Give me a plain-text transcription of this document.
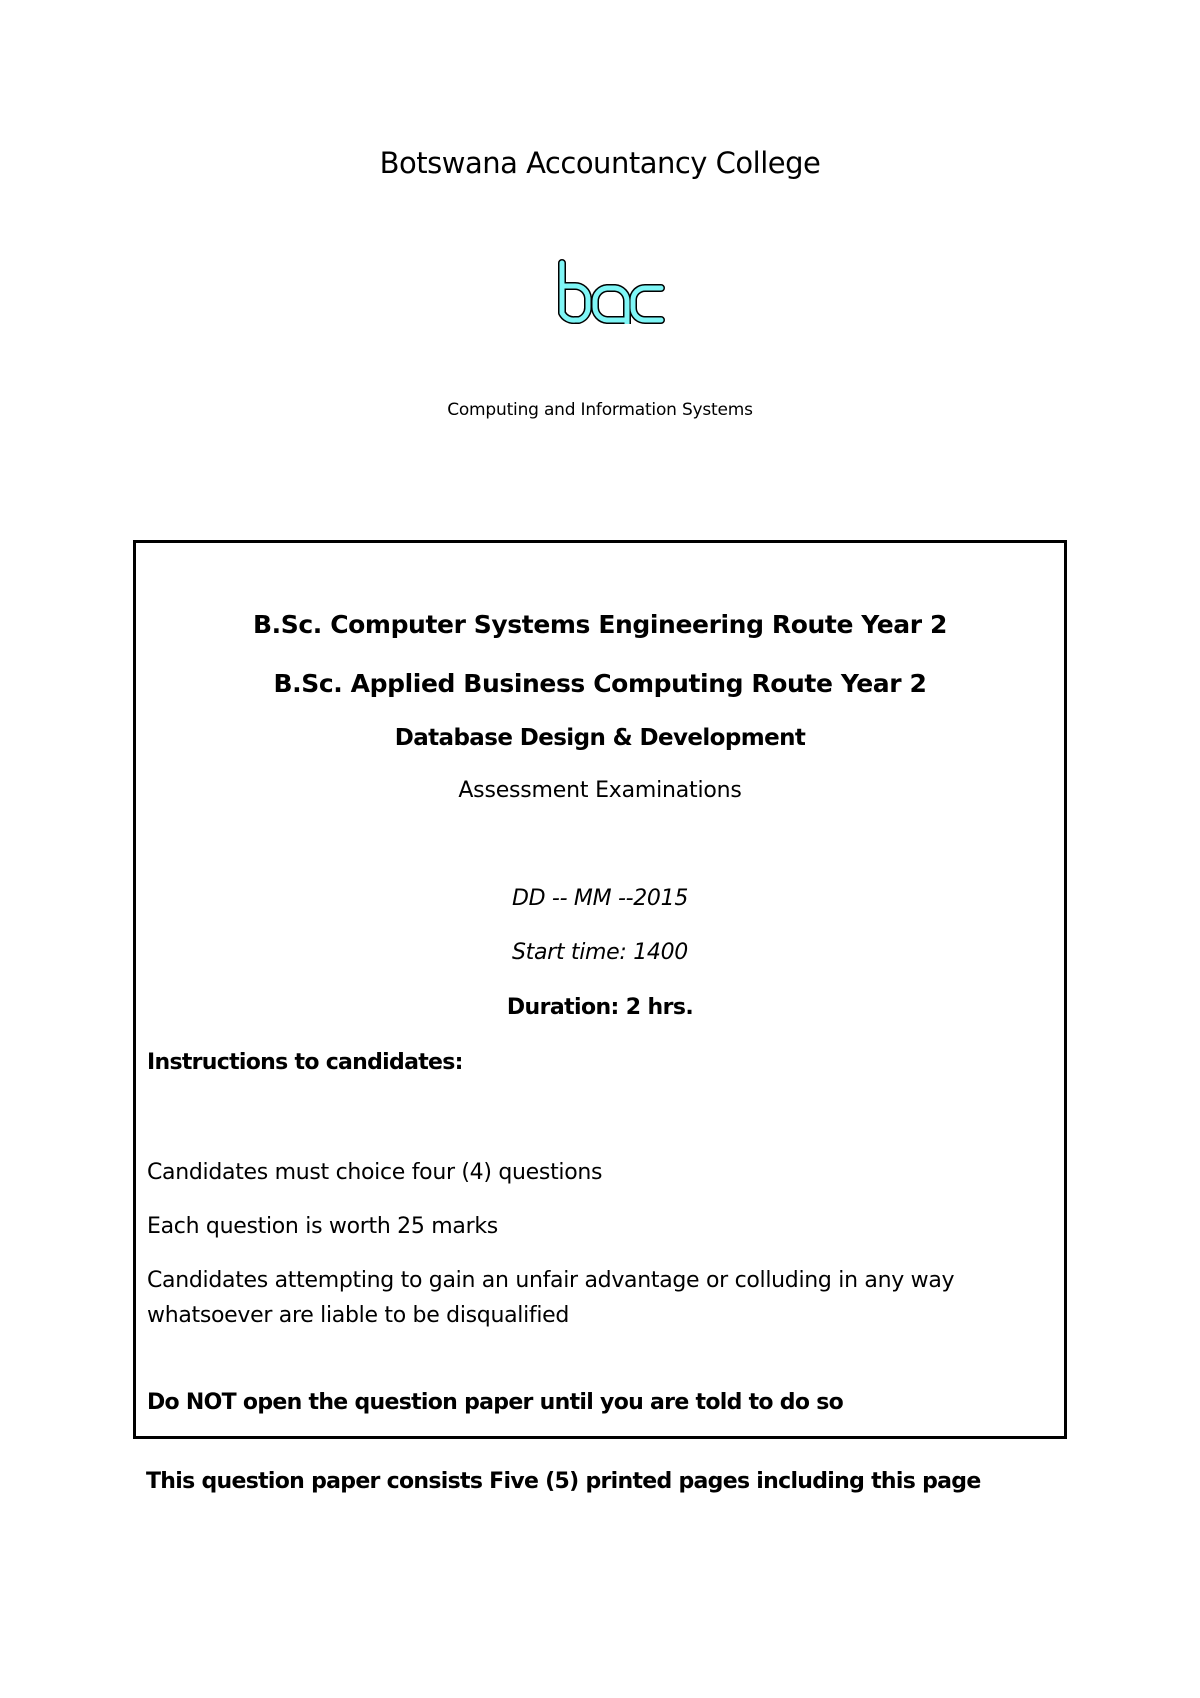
Botswana Accountancy College
Computing and Information Systems
B.Sc. Computer Systems Engineering Route Year 2
B.Sc. Applied Business Computing Route Year 2
Database Design & Development
Assessment Examinations
DD -- MM --2015
Start time: 1400
Duration: 2 hrs.
Instructions to candidates:
Candidates must choice four (4) questions
Each question is worth 25 marks
Candidates attempting to gain an unfair advantage or colluding in any way whatsoever are liable to be disqualified
Do NOT open the question paper until you are told to do so
This question paper consists Five (5) printed pages including this page
